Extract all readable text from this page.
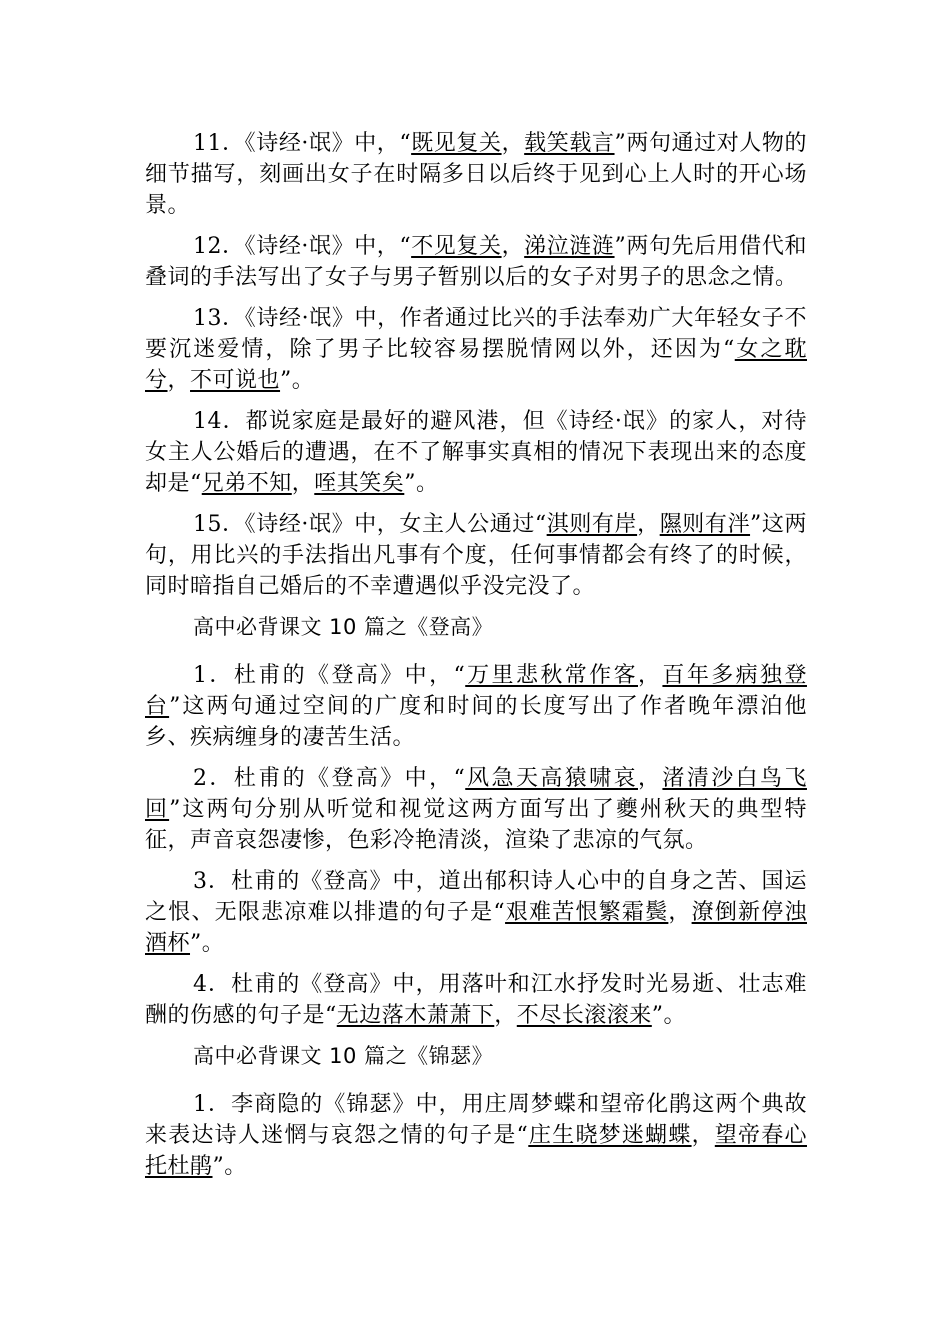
11．《诗经·氓》中，“既见复关，载笑载言”两句通过对人物的细节描写，刻画出女子在时隔多日以后终于见到心上人时的开心场景。

12．《诗经·氓》中，“不见复关，涕泣涟涟”两句先后用借代和叠词的手法写出了女子与男子暂别以后的女子对男子的思念之情。

13．《诗经·氓》中，作者通过比兴的手法奉劝广大年轻女子不要沉迷爱情，除了男子比较容易摆脱情网以外，还因为“女之耽兮，不可说也”。

14．都说家庭是最好的避风港，但《诗经·氓》的家人，对待女主人公婚后的遭遇，在不了解事实真相的情况下表现出来的态度却是“兄弟不知，咥其笑矣”。

15．《诗经·氓》中，女主人公通过“淇则有岸，隰则有泮”这两句，用比兴的手法指出凡事有个度，任何事情都会有终了的时候，同时暗指自己婚后的不幸遭遇似乎没完没了。

高中必背课文 10 篇之《登高》

1．杜甫的《登高》中，“万里悲秋常作客，百年多病独登台”这两句通过空间的广度和时间的长度写出了作者晚年漂泊他乡、疾病缠身的凄苦生活。

2．杜甫的《登高》中，“风急天高猿啸哀，渚清沙白鸟飞回”这两句分别从听觉和视觉这两方面写出了夔州秋天的典型特征，声音哀怨凄惨，色彩冷艳清淡，渲染了悲凉的气氛。

3．杜甫的《登高》中，道出郁积诗人心中的自身之苦、国运之恨、无限悲凉难以排遣的句子是“艰难苦恨繁霜鬓，潦倒新停浊酒杯”。

4．杜甫的《登高》中，用落叶和江水抒发时光易逝、壮志难酬的伤感的句子是“无边落木萧萧下，不尽长滚滚来”。

高中必背课文 10 篇之《锦瑟》

1．李商隐的《锦瑟》中，用庄周梦蝶和望帝化鹃这两个典故来表达诗人迷惘与哀怨之情的句子是“庄生晓梦迷蝴蝶，望帝春心托杜鹃”。
